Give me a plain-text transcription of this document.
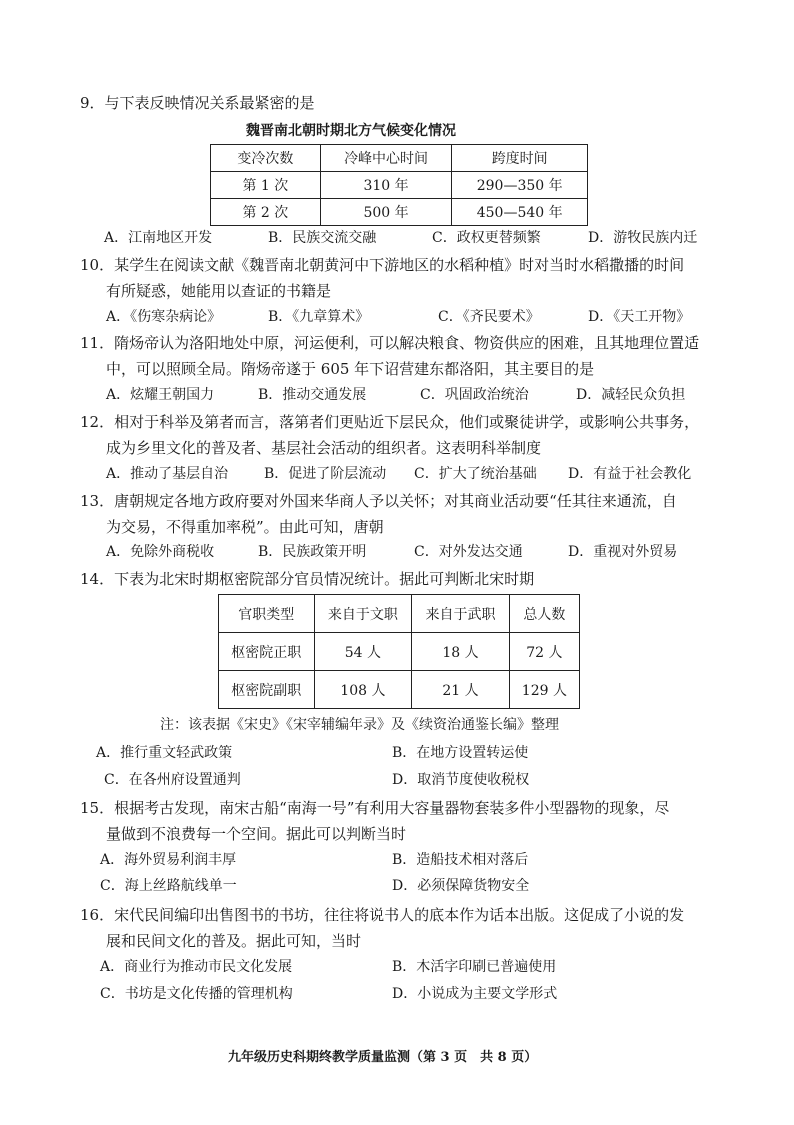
9．与下表反映情况关系最紧密的是
魏晋南北朝时期北方气候变化情况
变冷次数	冷峰中心时间	跨度时间
第 1 次	310 年	290—350 年
第 2 次	500 年	450—540 年
A．江南地区开发	B．民族交流交融	C．政权更替频繁	D．游牧民族内迁
10．某学生在阅读文献《魏晋南北朝黄河中下游地区的水稻种植》时对当时水稻撒播的时间
有所疑惑，她能用以查证的书籍是
A．《伤寒杂病论》	B．《九章算术》	C．《齐民要术》	D．《天工开物》
11．隋炀帝认为洛阳地处中原，河运便利，可以解决粮食、物资供应的困难，且其地理位置适
中，可以照顾全局。隋炀帝遂于 605 年下诏营建东都洛阳，其主要目的是
A．炫耀王朝国力	B．推动交通发展	C．巩固政治统治	D．减轻民众负担
12．相对于科举及第者而言，落第者们更贴近下层民众，他们或聚徒讲学，或影响公共事务，
成为乡里文化的普及者、基层社会活动的组织者。这表明科举制度
A．推动了基层自治	B．促进了阶层流动 C．扩大了统治基础 D．有益于社会教化
13．唐朝规定各地方政府要对外国来华商人予以关怀；对其商业活动要“任其往来通流，自
为交易，不得重加率税”。由此可知，唐朝
A．免除外商税收	B．民族政策开明	C．对外发达交通	D．重视对外贸易
14．下表为北宋时期枢密院部分官员情况统计。据此可判断北宋时期
官职类型	来自于文职	来自于武职	总人数
枢密院正职	54 人	18 人	72 人
枢密院副职	108 人	21 人	129 人
注：该表据《宋史》《宋宰辅编年录》及《续资治通鉴长编》整理
A．推行重文轻武政策	B．在地方设置转运使
C．在各州府设置通判	D．取消节度使收税权
15．根据考古发现，南宋古船“南海一号”有利用大容量器物套装多件小型器物的现象，尽
量做到不浪费每一个空间。据此可以判断当时
A．海外贸易利润丰厚	B．造船技术相对落后
C．海上丝路航线单一	D．必须保障货物安全
16．宋代民间编印出售图书的书坊，往往将说书人的底本作为话本出版。这促成了小说的发
展和民间文化的普及。据此可知，当时
A．商业行为推动市民文化发展	B．木活字印刷已普遍使用
C．书坊是文化传播的管理机构	D．小说成为主要文学形式
九年级历史科期终教学质量监测（第 3 页　共 8 页）
